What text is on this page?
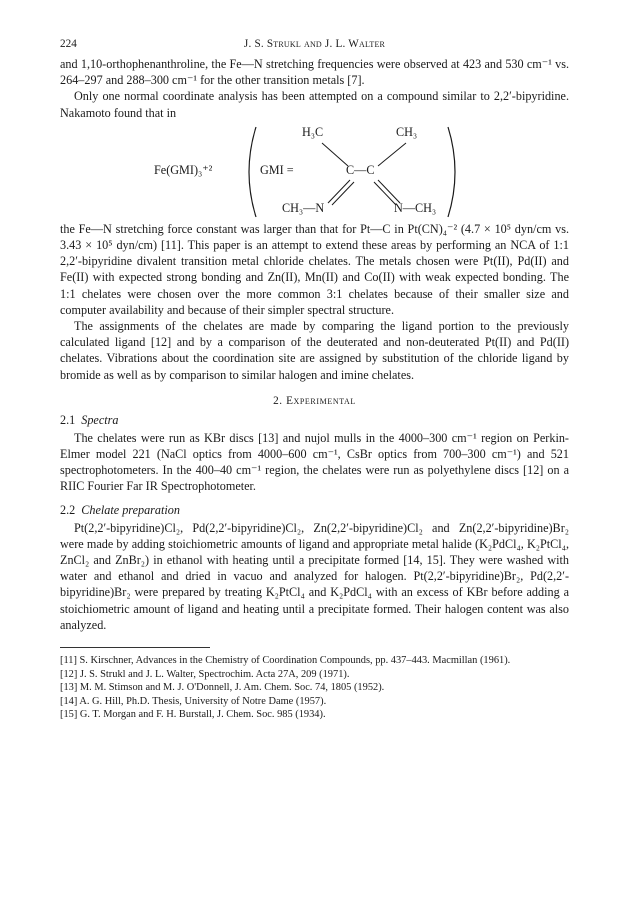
224	J. S. Strukl and J. L. Walter

and 1,10-orthophenanthroline, the Fe—N stretching frequencies were observed at 423 and 530 cm⁻¹ vs. 264–297 and 288–300 cm⁻¹ for the other transition metals [7].

Only one normal coordinate analysis has been attempted on a compound similar to 2,2′-bipyridine. Nakamoto found that in

Fe(GMI)₃⁺²	GMI =
H₃C	CH₃
C—C
CH₃—N	N—CH₃

the Fe—N stretching force constant was larger than that for Pt—C in Pt(CN)₄⁻² (4.7 × 10⁵ dyn/cm vs. 3.43 × 10⁵ dyn/cm) [11]. This paper is an attempt to extend these areas by performing an NCA of 1:1 2,2′-bipyridine divalent transition metal chloride chelates. The metals chosen were Pt(II), Pd(II) and Fe(II) with expected strong bonding and Zn(II), Mn(II) and Co(II) with weak expected bonding. The 1:1 chelates were chosen over the more common 3:1 chelates because of their smaller size and computer availability and because of their simpler spectral structure.

The assignments of the chelates are made by comparing the ligand portion to the previously calculated ligand [12] and by a comparison of the deuterated and non-deuterated Pt(II) and Pd(II) chelates. Vibrations about the coordination site are assigned by substitution of the chloride ligand by bromide as well as by comparison to similar halogen and imine chelates.

2. Experimental
2.1 Spectra

The chelates were run as KBr discs [13] and nujol mulls in the 4000–300 cm⁻¹ region on Perkin-Elmer model 221 (NaCl optics from 4000–600 cm⁻¹, CsBr optics from 700–300 cm⁻¹) and 521 spectrophotometers. In the 400–40 cm⁻¹ region, the chelates were run as polyethylene discs [12] on a RIIC Fourier Far IR Spectrophotometer.

2.2 Chelate preparation

Pt(2,2′-bipyridine)Cl₂, Pd(2,2′-bipyridine)Cl₂, Zn(2,2′-bipyridine)Cl₂ and Zn(2,2′-bipyridine)Br₂ were made by adding stoichiometric amounts of ligand and appropriate metal halide (K₂PdCl₄, K₂PtCl₄, ZnCl₂ and ZnBr₂) in ethanol with heating until a precipitate formed [14, 15]. They were washed with water and ethanol and dried in vacuo and analyzed for halogen. Pt(2,2′-bipyridine)Br₂, Pd(2,2′-bipyridine)Br₂ were prepared by treating K₂PtCl₄ and K₂PdCl₄ with an excess of KBr before adding a stoichiometric amount of ligand and heating until a precipitate formed. Their halogen content was also analyzed.

[11] S. Kirschner, Advances in the Chemistry of Coordination Compounds, pp. 437–443. Macmillan (1961).
[12] J. S. Strukl and J. L. Walter, Spectrochim. Acta 27A, 209 (1971).
[13] M. M. Stimson and M. J. O'Donnell, J. Am. Chem. Soc. 74, 1805 (1952).
[14] A. G. Hill, Ph.D. Thesis, University of Notre Dame (1957).
[15] G. T. Morgan and F. H. Burstall, J. Chem. Soc. 985 (1934).
